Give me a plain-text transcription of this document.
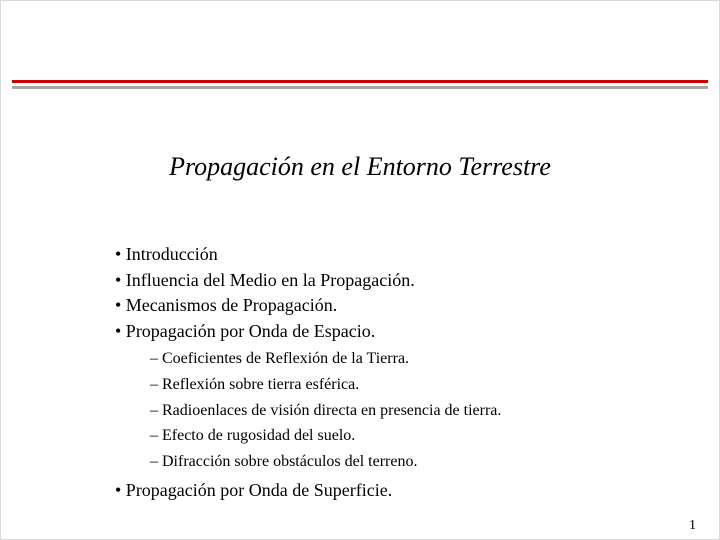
Propagación en el Entorno Terrestre
• Introducción
• Influencia del Medio en la Propagación.
• Mecanismos de Propagación.
• Propagación por Onda de Espacio.
– Coeficientes de Reflexión de la Tierra.
– Reflexión sobre tierra esférica.
– Radioenlaces de visión directa en presencia de tierra.
– Efecto de rugosidad del suelo.
– Difracción sobre obstáculos del terreno.
• Propagación por Onda de Superficie.
1
